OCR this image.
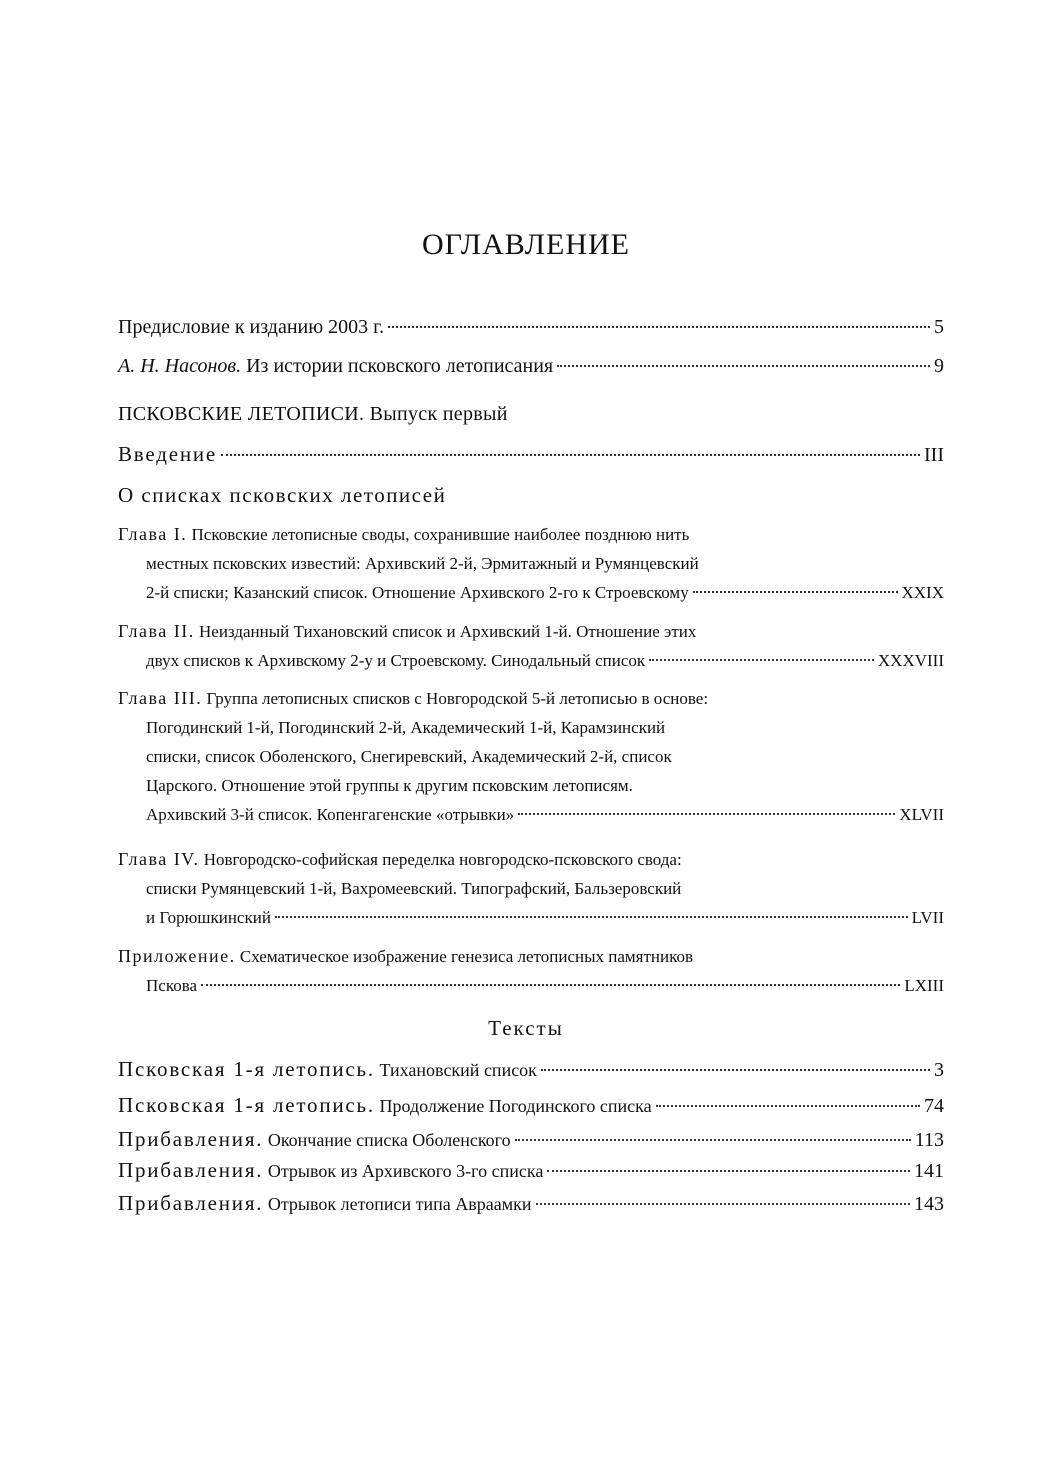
ОГЛАВЛЕНИЕ
Предисловие к изданию 2003 г.	5
А. Н. Насонов. Из истории псковского летописания	9
ПСКОВСКИЕ ЛЕТОПИСИ. Выпуск первый
Введение	III
О списках псковских летописей
Глава I. Псковские летописные своды, сохранившие наиболее позднюю нить
местных псковских известий: Архивский 2-й, Эрмитажный и Румянцевский
2-й списки; Казанский список. Отношение Архивского 2-го к Строевскому	XXIX
Глава II. Неизданный Тихановский список и Архивский 1-й. Отношение этих
двух списков к Архивскому 2-у и Строевскому. Синодальный список	XXXVIII
Глава III. Группа летописных списков с Новгородской 5-й летописью в основе:
Погодинский 1-й, Погодинский 2-й, Академический 1-й, Карамзинский
списки, список Оболенского, Снегиревский, Академический 2-й, список
Царского. Отношение этой группы к другим псковским летописям.
Архивский 3-й список. Копенгагенские «отрывки»	XLVII
Глава IV. Новгородско-софийская переделка новгородско-псковского свода:
списки Румянцевский 1-й, Вахромеевский. Типографский, Бальзеровский
и Горюшкинский	LVII
Приложение. Схематическое изображение генезиса летописных памятников
Пскова	LXIII
Тексты
Псковская 1-я летопись. Тихановский список	3
Псковская 1-я летопись. Продолжение Погодинского списка	74
Прибавления. Окончание списка Оболенского	113
Прибавления. Отрывок из Архивского 3-го списка	141
Прибавления. Отрывок летописи типа Авраамки	143
